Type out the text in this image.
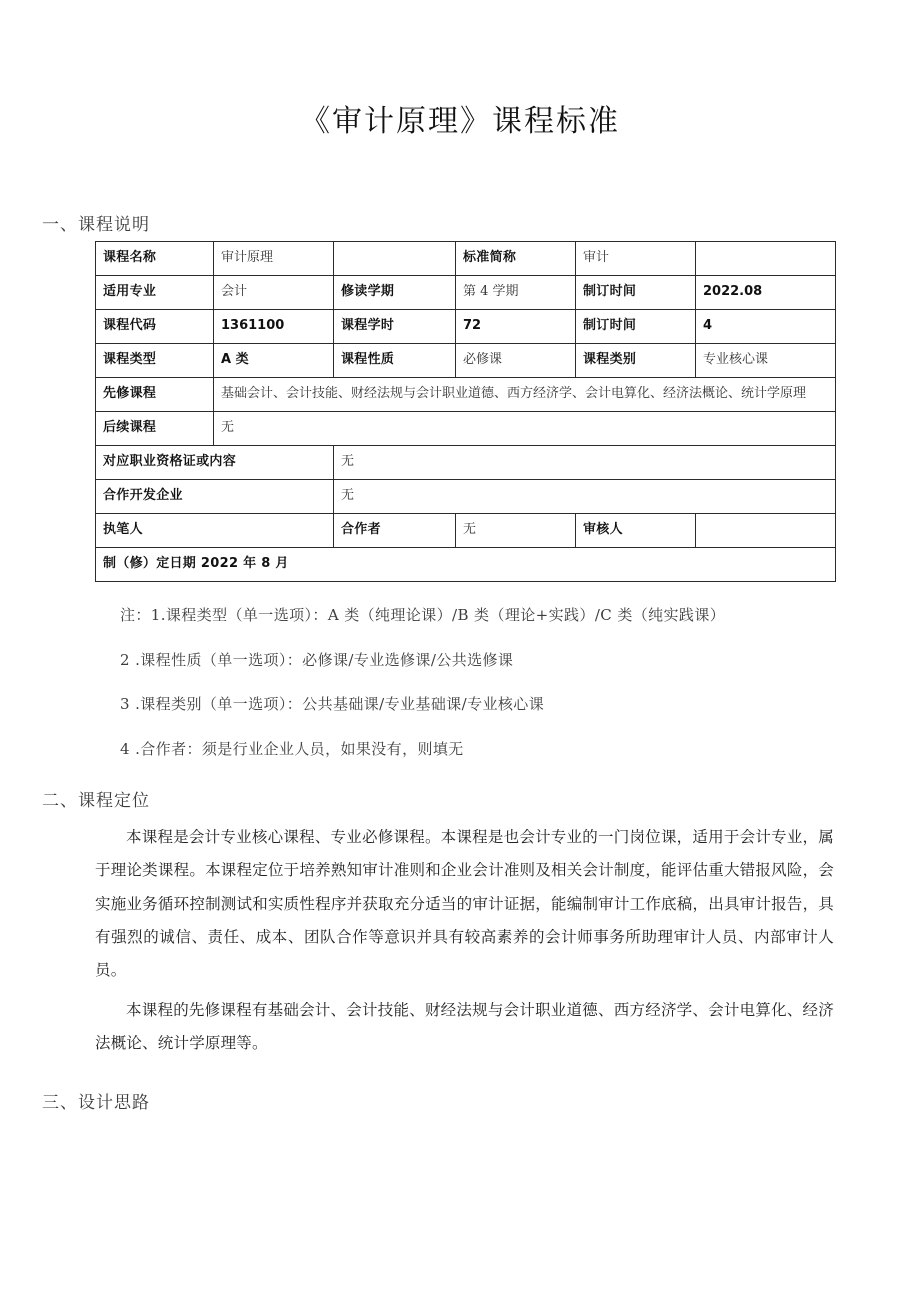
《审计原理》课程标准
一、课程说明
课程名称	审计原理		标准简称	审计	
适用专业	会计	修读学期	第 4 学期	制订时间	2022.08
课程代码	1361100	课程学时	72	制订时间	4
课程类型	A 类	课程性质	必修课	课程类别	专业核心课
先修课程	基础会计、会计技能、财经法规与会计职业道德、西方经济学、会计电算化、经济法概论、统计学原理				
后续课程	无				
对应职业资格证或内容		无			
合作开发企业		无			
执笔人		合作者	无	审核人	
制（修）定日期 2022 年 8 月					
注：1.课程类型（单一选项）：A 类（纯理论课）/B 类（理论+实践）/C 类（纯实践课）
2 .课程性质（单一选项）：必修课/专业选修课/公共选修课
3 .课程类别（单一选项）：公共基础课/专业基础课/专业核心课
4 .合作者：须是行业企业人员，如果没有，则填无
二、课程定位

本课程是会计专业核心课程、专业必修课程。本课程是也会计专业的一门岗位课，适用于会计专业，属于理论类课程。本课程定位于培养熟知审计准则和企业会计准则及相关会计制度，能评估重大错报风险，会实施业务循环控制测试和实质性程序并获取充分适当的审计证据，能编制审计工作底稿，出具审计报告，具有强烈的诚信、责任、成本、团队合作等意识并具有较高素养的会计师事务所助理审计人员、内部审计人员。

本课程的先修课程有基础会计、会计技能、财经法规与会计职业道德、西方经济学、会计电算化、经济法概论、统计学原理等。

三、设计思路
